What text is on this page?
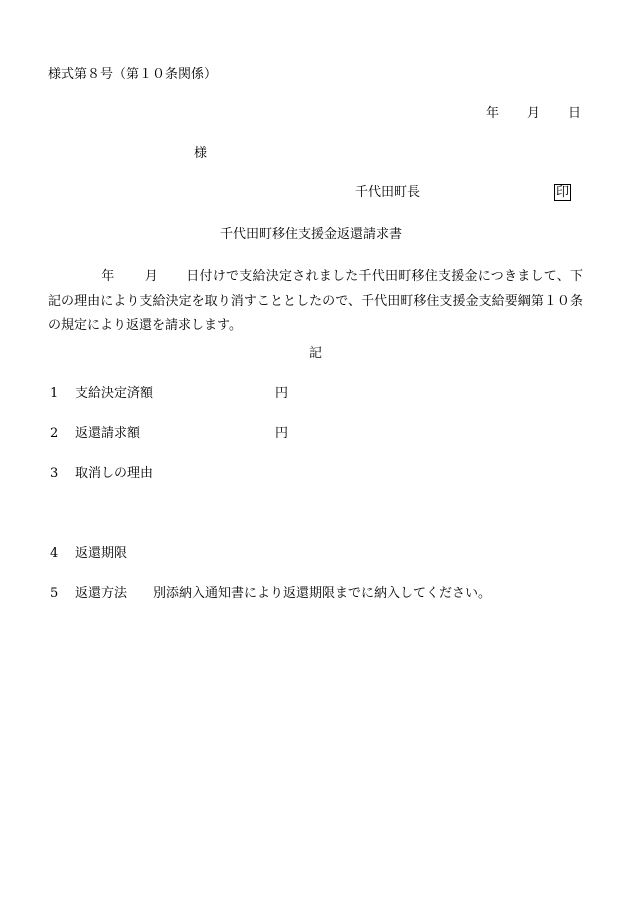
様式第８号（第１０条関係）
年 月 日
様
千代田町長	印
千代田町移住支援金返還請求書
年 月 日付けで支給決定されました千代田町移住支援金につきまして、下記の理由により支給決定を取り消すこととしたので、千代田町移住支援金支給要綱第１０条の規定により返還を請求します。
記
1 支給決定済額	円
2 返還請求額	円
3 取消しの理由
4 返還期限
5 返還方法 別添納入通知書により返還期限までに納入してください。
